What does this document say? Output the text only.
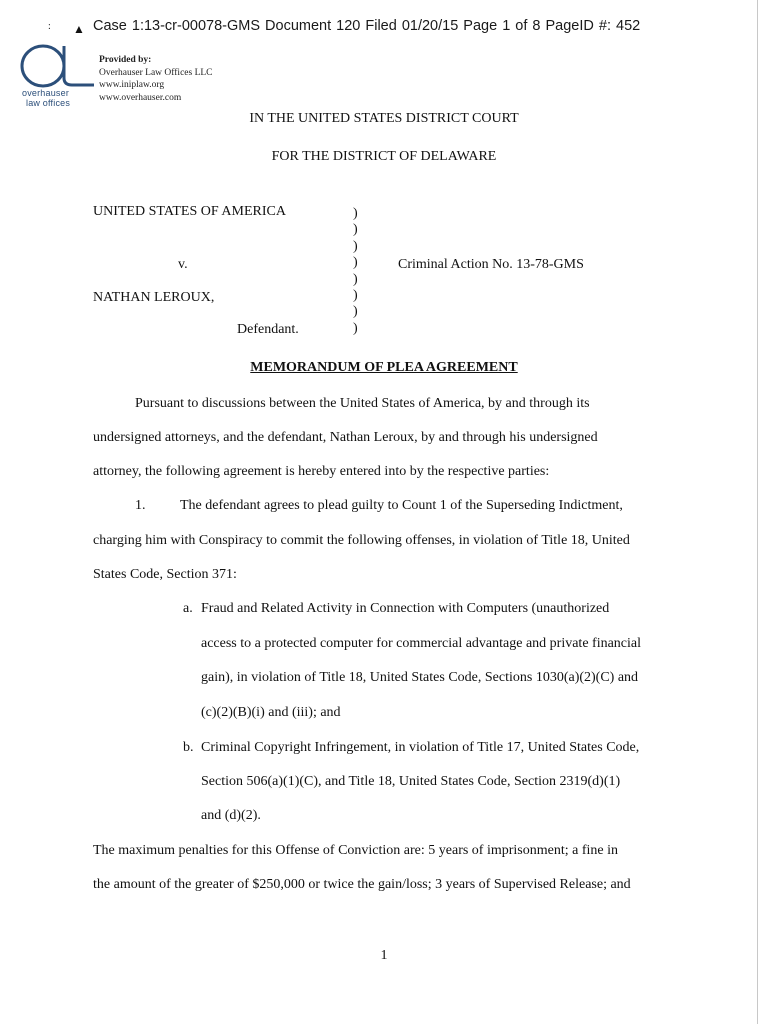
: ▲ Case 1:13-cr-00078-GMS Document 120 Filed 01/20/15 Page 1 of 8 PageID #: 452
overhauser
law offices
Provided by:
Overhauser Law Offices LLC
www.iniplaw.org
www.overhauser.com
IN THE UNITED STATES DISTRICT COURT
FOR THE DISTRICT OF DELAWARE
UNITED STATES OF AMERICA
v.
NATHAN LEROUX,
Defendant.
Criminal Action No. 13-78-GMS
)
)
)
)
)
)
)
)
MEMORANDUM OF PLEA AGREEMENT
Pursuant to discussions between the United States of America, by and through its
undersigned attorneys, and the defendant, Nathan Leroux, by and through his undersigned
attorney, the following agreement is hereby entered into by the respective parties:
1. The defendant agrees to plead guilty to Count 1 of the Superseding Indictment,
charging him with Conspiracy to commit the following offenses, in violation of Title 18, United
States Code, Section 371:
a. Fraud and Related Activity in Connection with Computers (unauthorized
access to a protected computer for commercial advantage and private financial
gain), in violation of Title 18, United States Code, Sections 1030(a)(2)(C) and
(c)(2)(B)(i) and (iii); and
b. Criminal Copyright Infringement, in violation of Title 17, United States Code,
Section 506(a)(1)(C), and Title 18, United States Code, Section 2319(d)(1)
and (d)(2).
The maximum penalties for this Offense of Conviction are: 5 years of imprisonment; a fine in
the amount of the greater of $250,000 or twice the gain/loss; 3 years of Supervised Release; and
1
